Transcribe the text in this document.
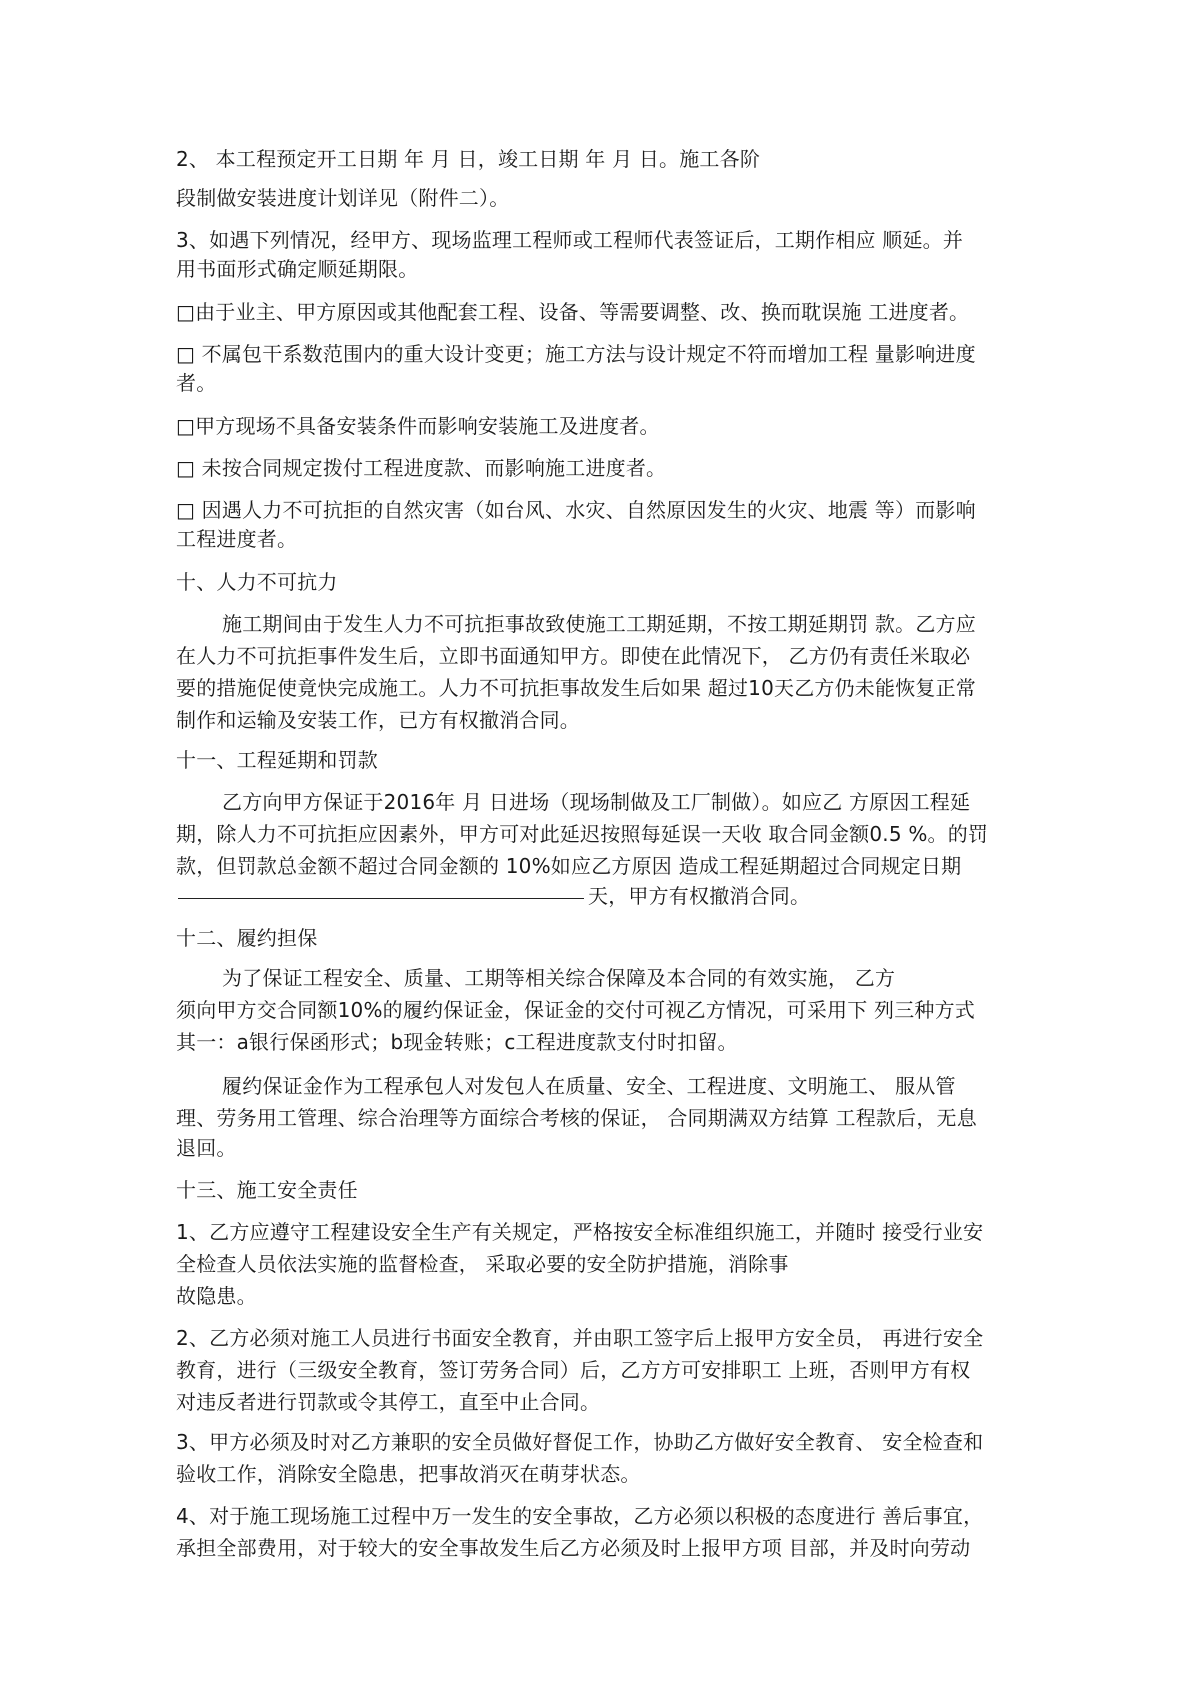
2、 本工程预定开工日期 年 月 日，竣工日期 年 月 日。施工各阶
段制做安装进度计划详见（附件二）。
3、如遇下列情况，经甲方、现场监理工程师或工程师代表签证后，工期作相应 顺延。并
用书面形式确定顺延期限。
□由于业主、甲方原因或其他配套工程、设备、等需要调整、改、换而耽误施 工进度者。
□ 不属包干系数范围内的重大设计变更；施工方法与设计规定不符而增加工程 量影响进度
者。
□甲方现场不具备安装条件而影响安装施工及进度者。
□ 未按合同规定拨付工程进度款、而影响施工进度者。
□ 因遇人力不可抗拒的自然灾害（如台风、水灾、自然原因发生的火灾、地震 等）而影响
工程进度者。
十、人力不可抗力
施工期间由于发生人力不可抗拒事故致使施工工期延期，不按工期延期罚 款。乙方应
在人力不可抗拒事件发生后，立即书面通知甲方。即使在此情况下， 乙方仍有责任米取必
要的措施促使竟快完成施工。人力不可抗拒事故发生后如果 超过10天乙方仍未能恢复正常
制作和运输及安装工作，已方有权撤消合同。
十一、工程延期和罚款
乙方向甲方保证于2016年 月 日进场（现场制做及工厂制做）。如应乙 方原因工程延
期，除人力不可抗拒应因素外，甲方可对此延迟按照每延误一天收 取合同金额0.5 %。的罚
款，但罚款总金额不超过合同金额的 10%如应乙方原因 造成工程延期超过合同规定日期
天，甲方有权撤消合同。
十二、履约担保
为了保证工程安全、质量、工期等相关综合保障及本合同的有效实施， 乙方
须向甲方交合同额10%的履约保证金，保证金的交付可视乙方情况，可采用下 列三种方式
其一：a银行保函形式；b现金转账；c工程进度款支付时扣留。
履约保证金作为工程承包人对发包人在质量、安全、工程进度、文明施工、 服从管
理、劳务用工管理、综合治理等方面综合考核的保证， 合同期满双方结算 工程款后，无息
退回。
十三、施工安全责任
1、乙方应遵守工程建设安全生产有关规定，严格按安全标准组织施工，并随时 接受行业安
全检查人员依法实施的监督检查， 采取必要的安全防护措施，消除事
故隐患。
2、乙方必须对施工人员进行书面安全教育，并由职工签字后上报甲方安全员， 再进行安全
教育，进行（三级安全教育，签订劳务合同）后，乙方方可安排职工 上班，否则甲方有权
对违反者进行罚款或令其停工，直至中止合同。
3、甲方必须及时对乙方兼职的安全员做好督促工作，协助乙方做好安全教育、 安全检查和
验收工作，消除安全隐患，把事故消灭在萌芽状态。
4、对于施工现场施工过程中万一发生的安全事故，乙方必须以积极的态度进行 善后事宜，
承担全部费用，对于较大的安全事故发生后乙方必须及时上报甲方项 目部，并及时向劳动
